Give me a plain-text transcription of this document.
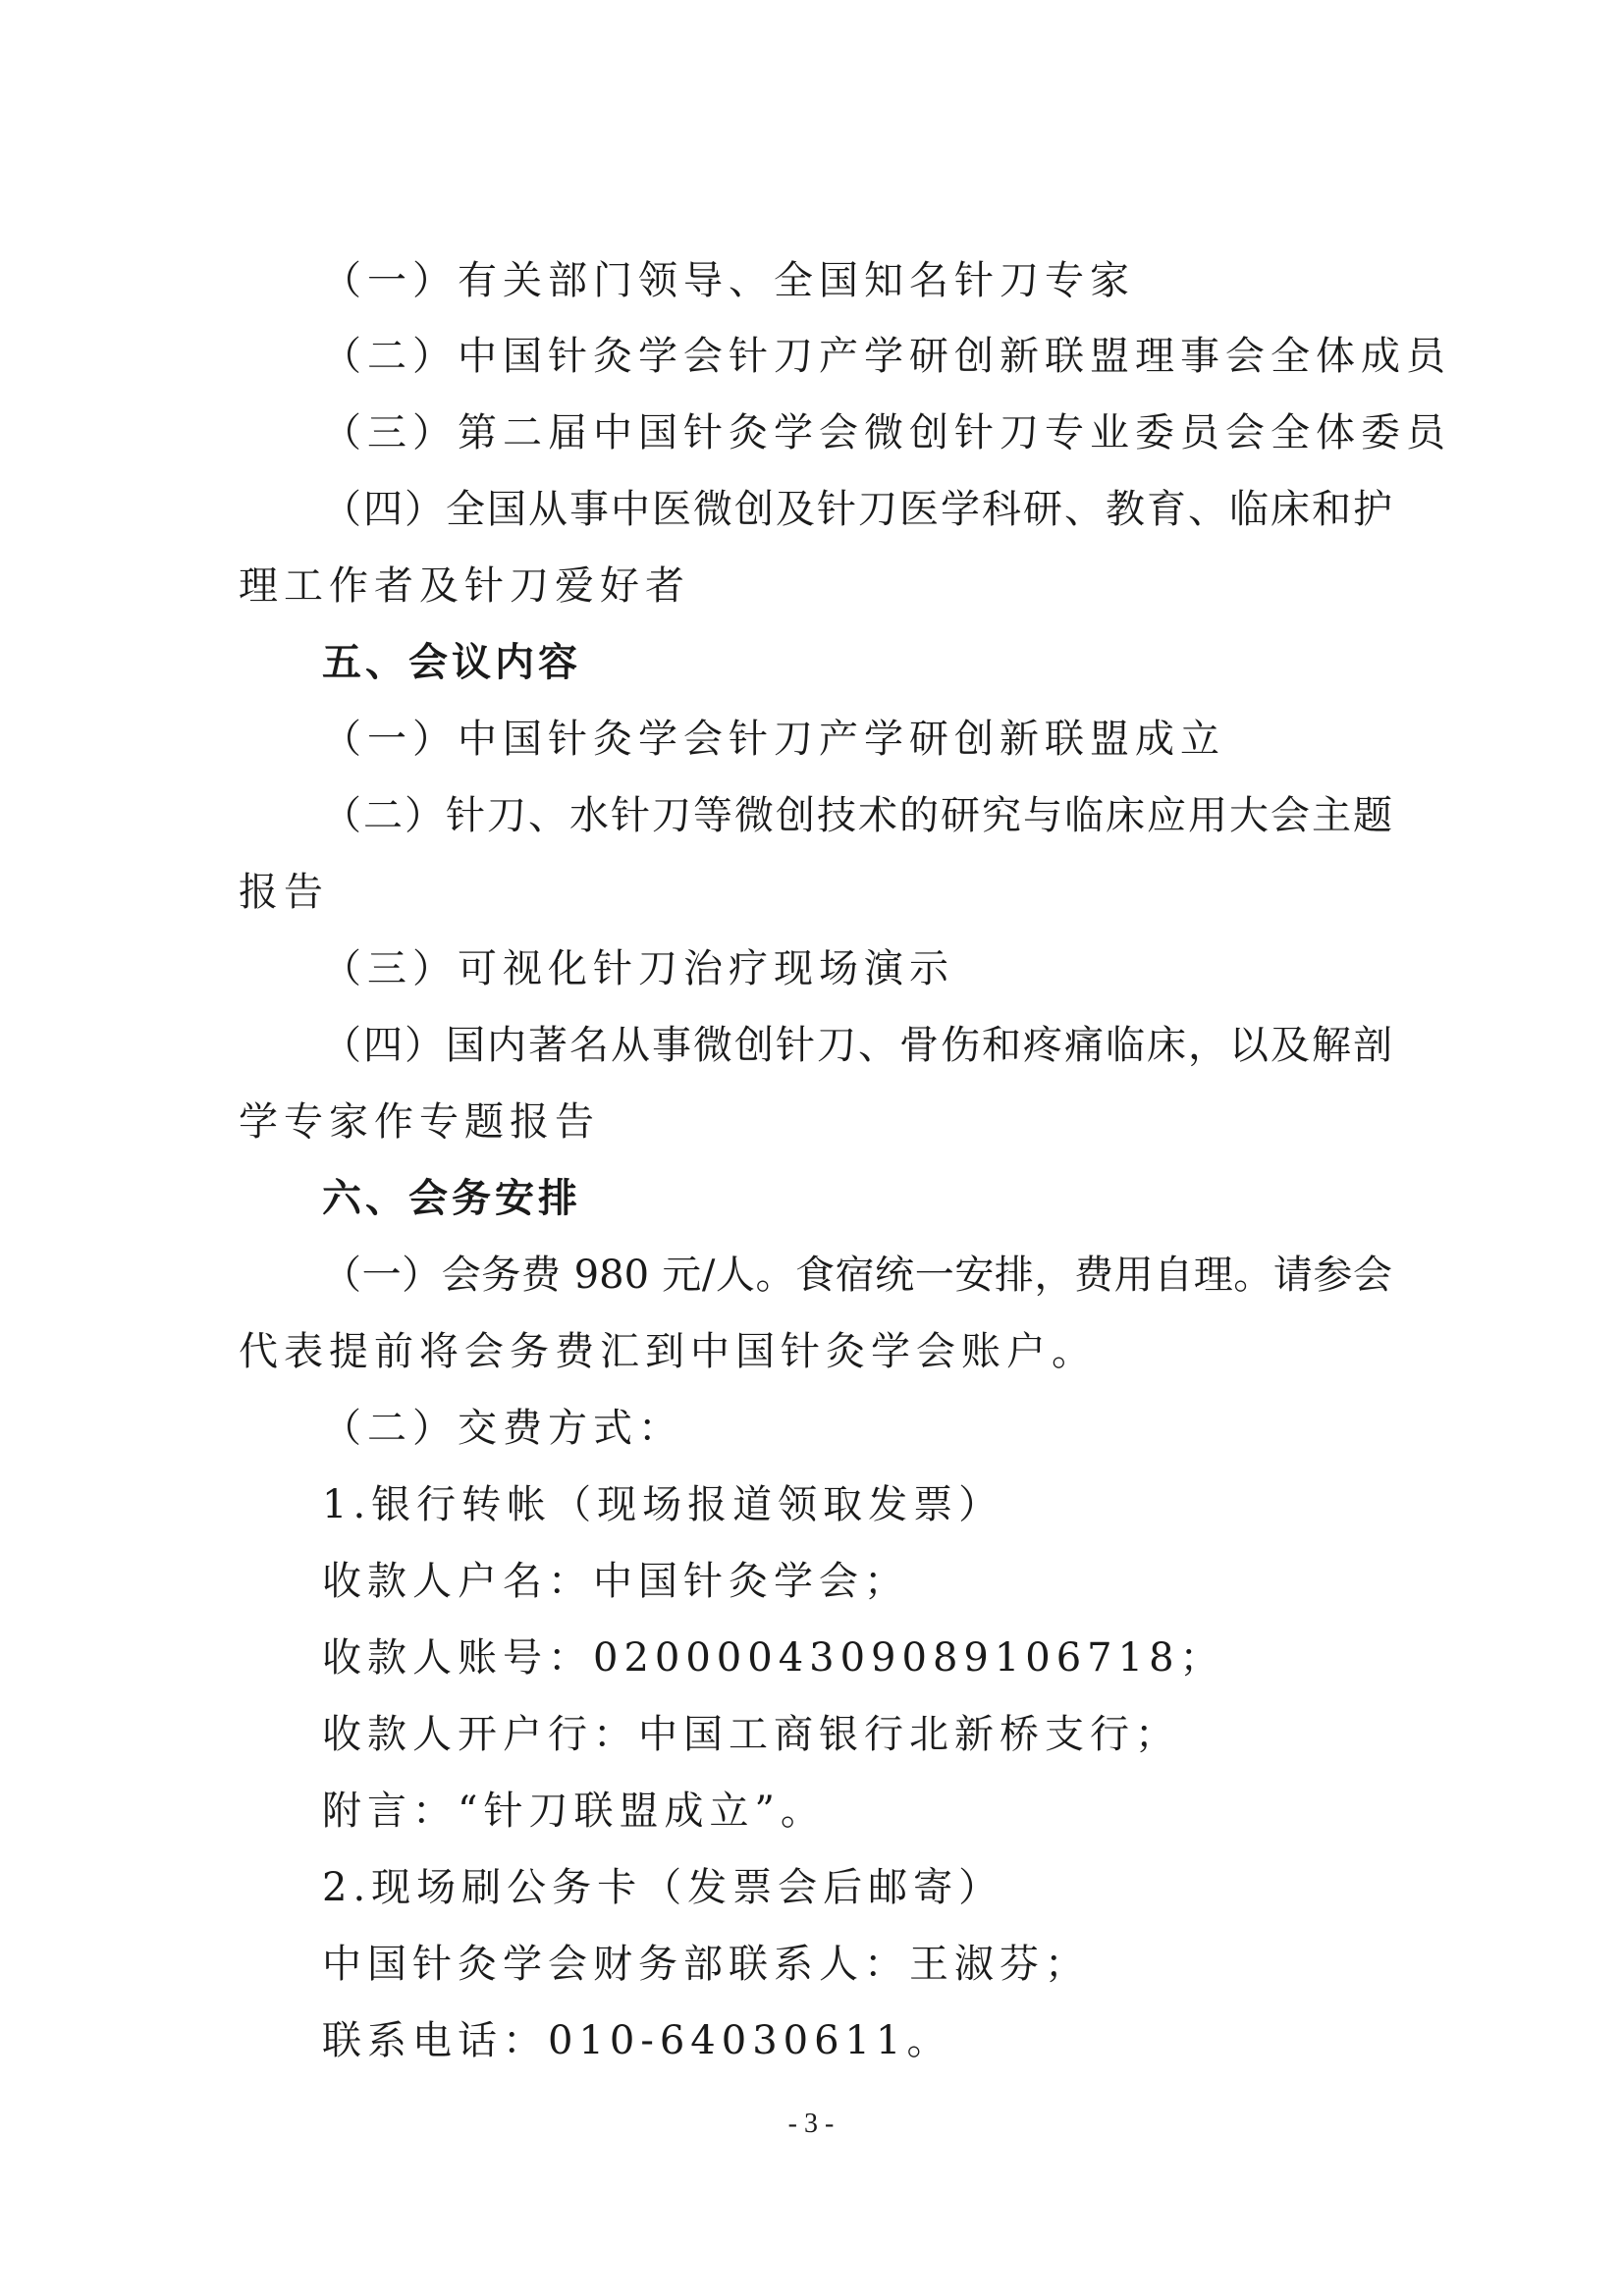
（一）有关部门领导、全国知名针刀专家
（二）中国针灸学会针刀产学研创新联盟理事会全体成员
（三）第二届中国针灸学会微创针刀专业委员会全体委员
（四）全国从事中医微创及针刀医学科研、教育、临床和护
理工作者及针刀爱好者
五、会议内容
（一）中国针灸学会针刀产学研创新联盟成立
（二）针刀、水针刀等微创技术的研究与临床应用大会主题
报告
（三）可视化针刀治疗现场演示
（四）国内著名从事微创针刀、骨伤和疼痛临床，以及解剖
学专家作专题报告
六、会务安排
（一）会务费 980 元/人。食宿统一安排，费用自理。请参会
代表提前将会务费汇到中国针灸学会账户。
（二）交费方式：
1.银行转帐（现场报道领取发票）
收款人户名：中国针灸学会；
收款人账号：0200004309089106718；
收款人开户行：中国工商银行北新桥支行；
附言：“针刀联盟成立”。
2.现场刷公务卡（发票会后邮寄）
中国针灸学会财务部联系人：王淑芬；
联系电话：010-64030611。
- 3 -
